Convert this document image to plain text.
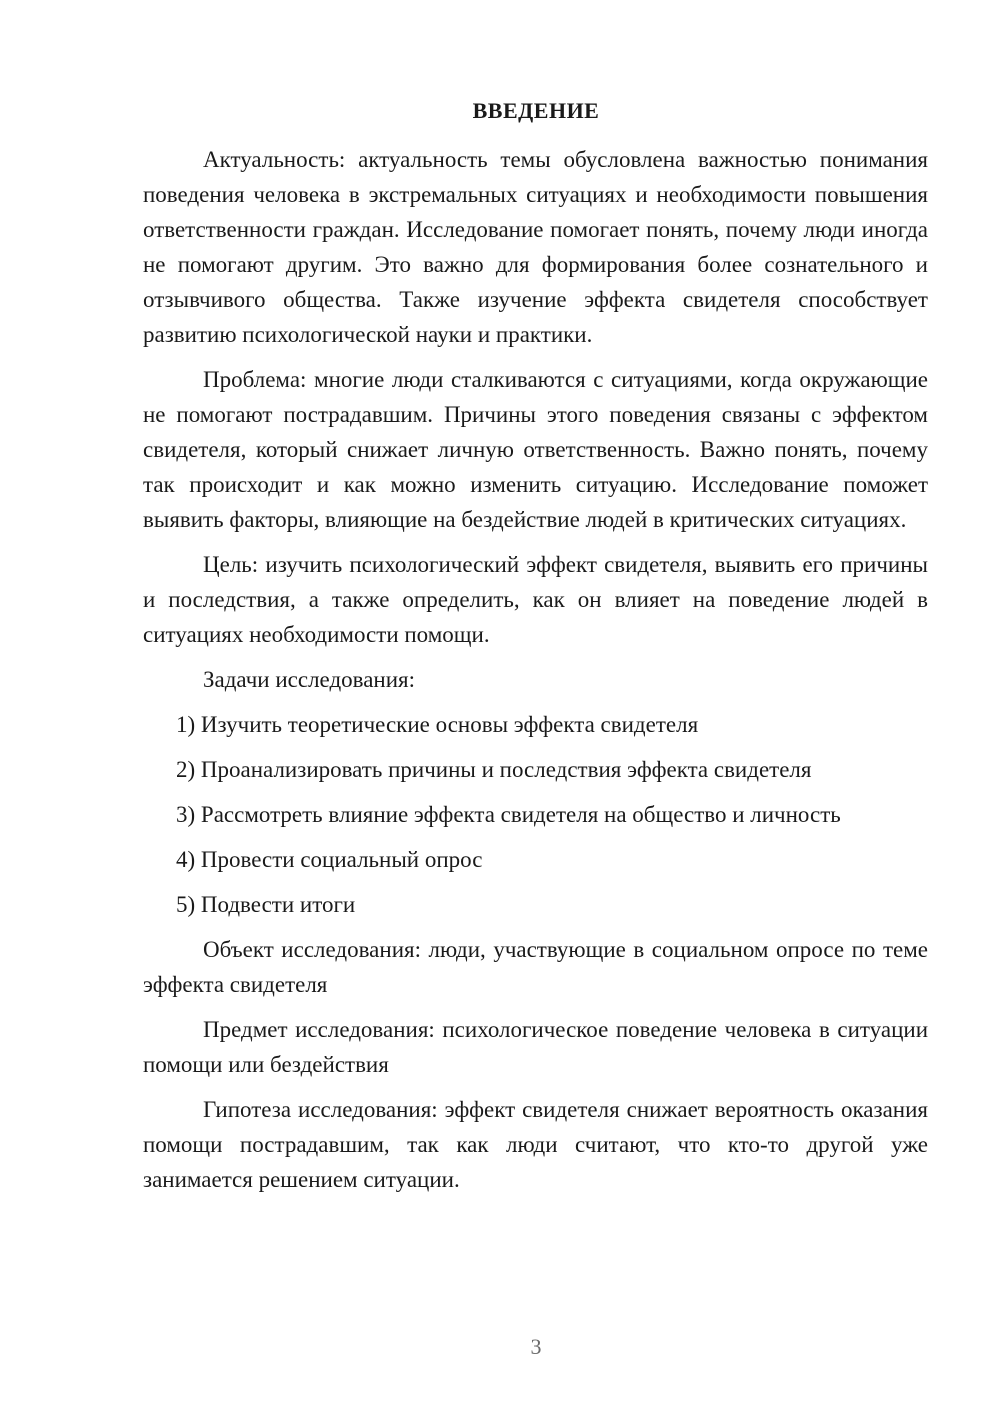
ВВЕДЕНИЕ

Актуальность: актуальность темы обусловлена важностью понимания поведения человека в экстремальных ситуациях и необходимости повышения ответственности граждан. Исследование помогает понять, почему люди иногда не помогают другим. Это важно для формирования более сознательного и отзывчивого общества. Также изучение эффекта свидетеля способствует развитию психологической науки и практики.

Проблема: многие люди сталкиваются с ситуациями, когда окружающие не помогают пострадавшим. Причины этого поведения связаны с эффектом свидетеля, который снижает личную ответственность. Важно понять, почему так происходит и как можно изменить ситуацию. Исследование поможет выявить факторы, влияющие на бездействие людей в критических ситуациях.

Цель: изучить психологический эффект свидетеля, выявить его причины и последствия, а также определить, как он влияет на поведение людей в ситуациях необходимости помощи.

Задачи исследования:

1) Изучить теоретические основы эффекта свидетеля
2) Проанализировать причины и последствия эффекта свидетеля
3) Рассмотреть влияние эффекта свидетеля на общество и личность
4) Провести социальный опрос
5) Подвести итоги

Объект исследования: люди, участвующие в социальном опросе по теме эффекта свидетеля

Предмет исследования: психологическое поведение человека в ситуации помощи или бездействия

Гипотеза исследования: эффект свидетеля снижает вероятность оказания помощи пострадавшим, так как люди считают, что кто-то другой уже занимается решением ситуации.

3
